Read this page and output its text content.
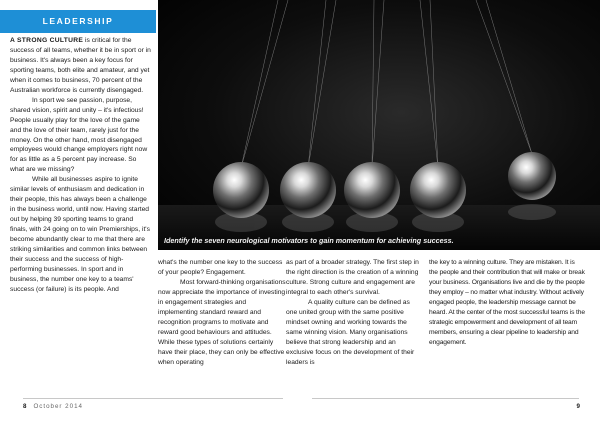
LEADERSHIP
Identify the seven neurological motivators to gain momentum for achieving success.

A STRONG CULTURE is critical for the success of all teams, whether it be in sport or in business. It's always been a key focus for sporting teams, both elite and amateur, and yet when it comes to business, 70 percent of the Australian workforce is currently disengaged.

In sport we see passion, purpose, shared vision, spirit and unity – it's infectious! People usually play for the love of the game and the love of their team, rarely just for the money. On the other hand, most disengaged employees would change employers right now for as little as a 5 percent pay increase. So what are we missing?

While all businesses aspire to ignite similar levels of enthusiasm and dedication in their people, this has always been a challenge in the business world, until now. Having started out by helping 39 sporting teams to grand finals, with 24 going on to win Premierships, it's become abundantly clear to me that there are striking similarities and common links between their success and the success of high-performing businesses. In sport and in business, the number one key to a teams' success (or failure) is its people. And

what's the number one key to the success of your people? Engagement.

Most forward-thinking organisations now appreciate the importance of investing in engagement strategies and implementing standard reward and recognition programs to motivate and reward good behaviours and attitudes. While these types of solutions certainly have their place, they can only be effective when operating

as part of a broader strategy. The first step in the right direction is the creation of a winning culture. Strong culture and engagement are integral to each other's survival.

A quality culture can be defined as one united group with the same positive mindset owning and working towards the same winning vision. Many organisations believe that strong leadership and an exclusive focus on the development of their leaders is

the key to a winning culture. They are mistaken. It is the people and their contribution that will make or break your business. Organisations live and die by the people they employ – no matter what industry. Without actively engaged people, the leadership message cannot be heard. At the center of the most successful teams is the strategic empowerment and development of all team members, ensuring a clear pipeline to leadership and engagement.

8 October 2014	9
